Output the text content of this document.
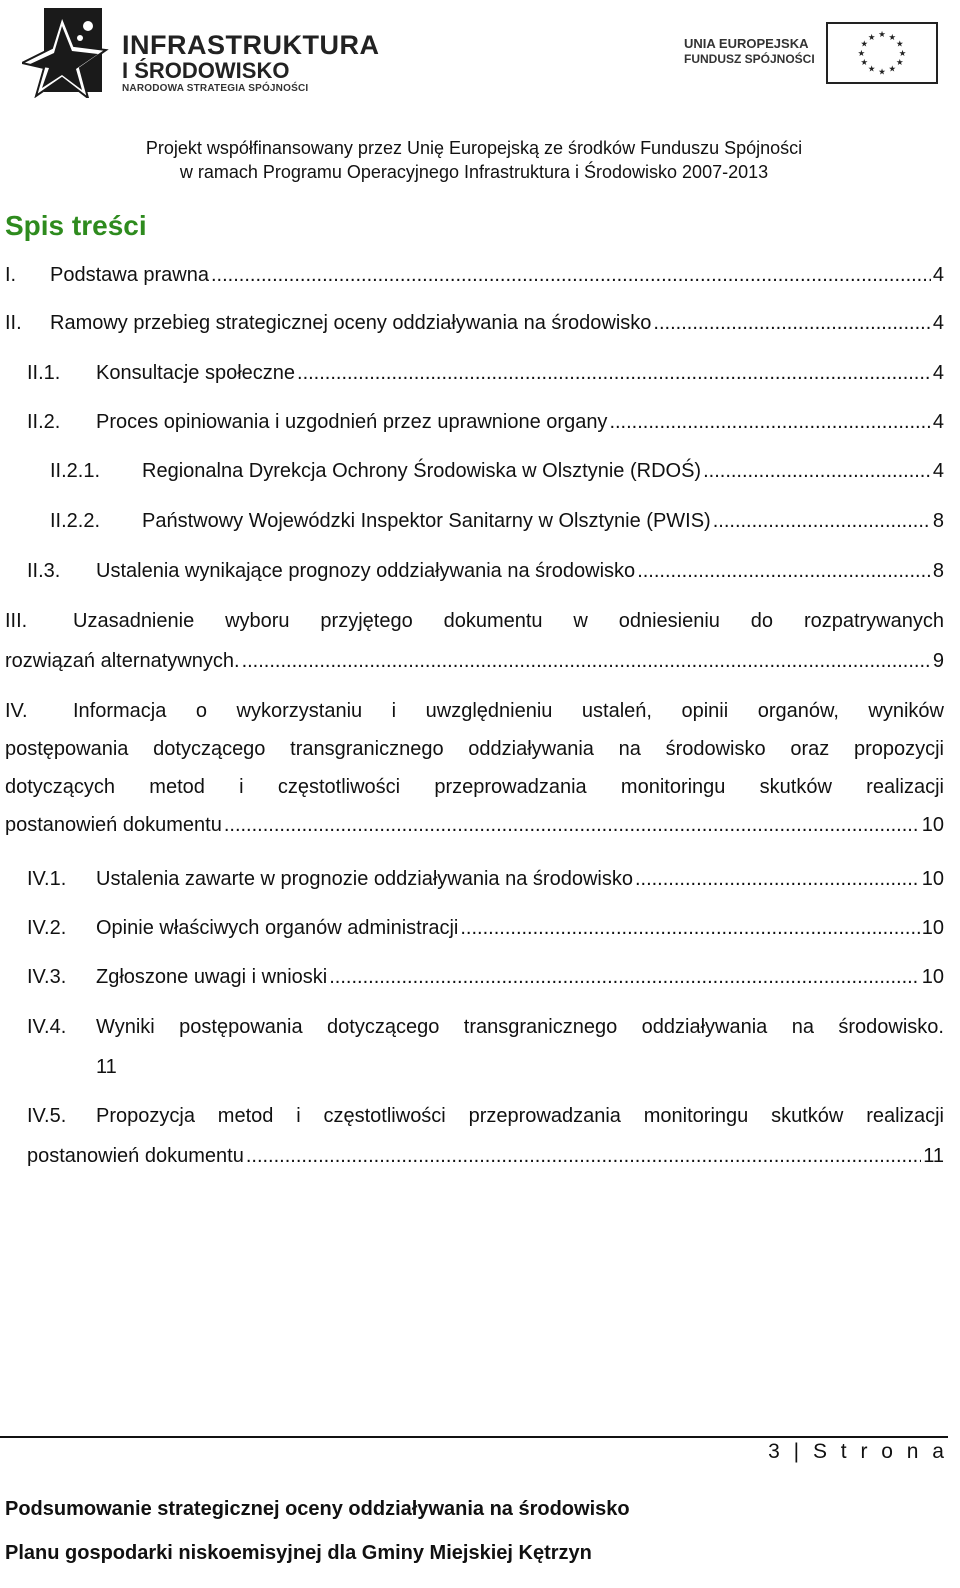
INFRASTRUKTURA
I ŚRODOWISKO
NARODOWA STRATEGIA SPÓJNOŚCI
UNIA EUROPEJSKA
FUNDUSZ SPÓJNOŚCI
★ ★
★
★
★
★
★
★
★
★
★
★
Projekt współfinansowany przez Unię Europejską ze środków Funduszu Spójności
w ramach Programu Operacyjnego Infrastruktura i Środowisko 2007-2013
Spis treści
I. Podstawa prawna .....	4
II. Ramowy przebieg strategicznej oceny oddziaływania na środowisko .....	4
II.1. Konsultacje społeczne .....	4
II.2. Proces opiniowania i uzgodnień przez uprawnione organy .....	4
II.2.1. Regionalna Dyrekcja Ochrony Środowiska w Olsztynie (RDOŚ) .....	4
II.2.2. Państwowy Wojewódzki Inspektor Sanitarny w Olsztynie (PWIS) .....	8
II.3. Ustalenia wynikające prognozy oddziaływania na środowisko .....	8
III. Uzasadnienie wyboru przyjętego dokumentu w odniesieniu do rozpatrywanych
rozwiązań alternatywnych. .....	9
IV. Informacja o wykorzystaniu i uwzględnieniu ustaleń, opinii organów, wyników
postępowania dotyczącego transgranicznego oddziaływania na środowisko oraz propozycji
dotyczących metod i częstotliwości przeprowadzania monitoringu skutków realizacji
postanowień dokumentu .....	10
IV.1. Ustalenia zawarte w prognozie oddziaływania na środowisko .....	10
IV.2. Opinie właściwych organów administracji .....	10
IV.3. Zgłoszone uwagi i wnioski .....	10
IV.4. Wyniki postępowania dotyczącego transgranicznego oddziaływania na środowisko.
11
IV.5. Propozycja metod i częstotliwości przeprowadzania monitoringu skutków realizacji
postanowień dokumentu .....	11
3 | S t r o n a
Podsumowanie strategicznej oceny oddziaływania na środowisko
Planu gospodarki niskoemisyjnej dla Gminy Miejskiej Kętrzyn
